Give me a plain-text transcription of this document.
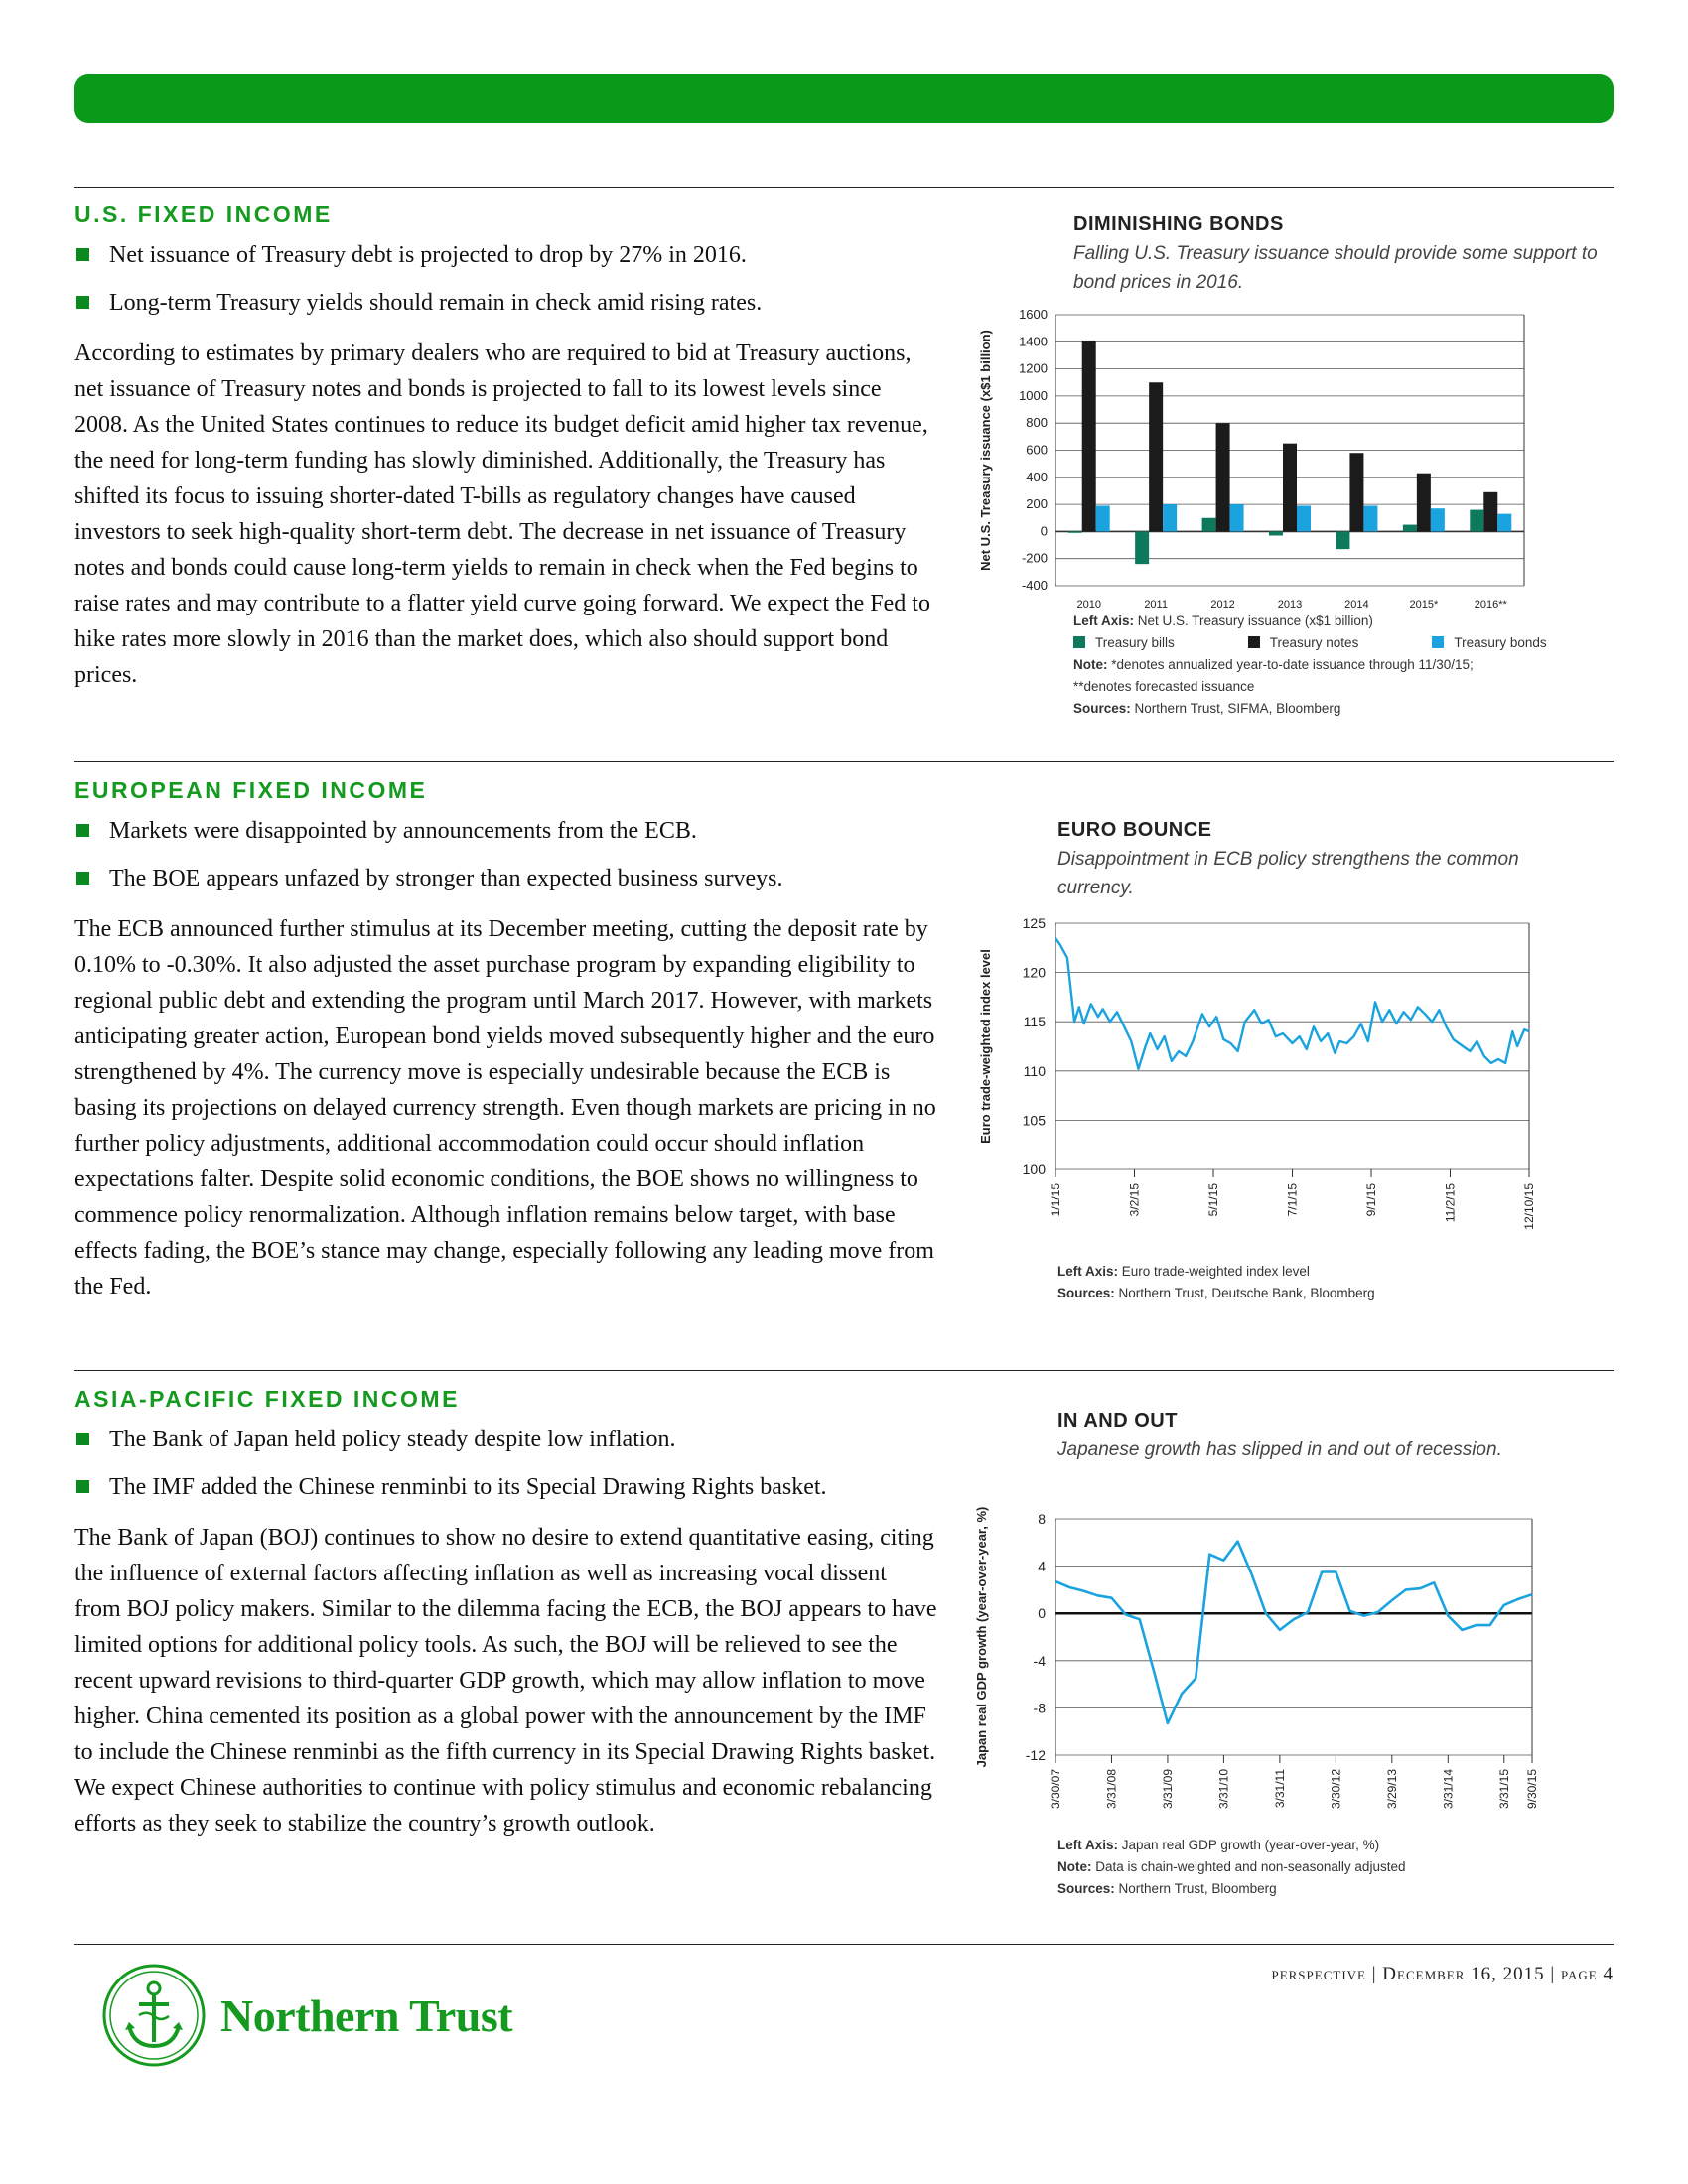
U.S. FIXED INCOME
Net issuance of Treasury debt is projected to drop by 27% in 2016.
Long-term Treasury yields should remain in check amid rising rates.

According to estimates by primary dealers who are required to bid at Treasury auctions, net issuance of Treasury notes and bonds is projected to fall to its lowest levels since 2008. As the United States continues to reduce its budget deficit amid higher tax revenue, the need for long-term funding has slowly diminished. Additionally, the Treasury has shifted its focus to issuing shorter-dated T-bills as regulatory changes have caused investors to seek high-quality short-term debt. The decrease in net issuance of Treasury notes and bonds could cause long-term yields to remain in check when the Fed begins to raise rates and may contribute to a flatter yield curve going forward. We expect the Fed to hike rates more slowly in 2016 than the market does, which also should support bond prices.

EUROPEAN FIXED INCOME
Markets were disappointed by announcements from the ECB.
The BOE appears unfazed by stronger than expected business surveys.

The ECB announced further stimulus at its December meeting, cutting the deposit rate by 0.10% to -0.30%. It also adjusted the asset purchase program by expanding eligibility to regional public debt and extending the program until March 2017. However, with markets anticipating greater action, European bond yields moved subsequently higher and the euro strengthened by 4%. The currency move is especially undesirable because the ECB is basing its projections on delayed currency strength. Even though markets are pricing in no further policy adjustments, additional accommodation could occur should inflation expectations falter. Despite solid economic conditions, the BOE shows no willingness to commence policy renormalization. Although inflation remains below target, with base effects fading, the BOE’s stance may change, especially following any leading move from the Fed.

ASIA-PACIFIC FIXED INCOME
The Bank of Japan held policy steady despite low inflation.
The IMF added the Chinese renminbi to its Special Drawing Rights basket.

The Bank of Japan (BOJ) continues to show no desire to extend quantitative easing, citing the influence of external factors affecting inflation as well as increasing vocal dissent from BOJ policy makers. Similar to the dilemma facing the ECB, the BOJ appears to have limited options for additional policy tools. As such, the BOJ will be relieved to see the recent upward revisions to third-quarter GDP growth, which may allow inflation to move higher. China cemented its position as a global power with the announcement by the IMF to include the Chinese renminbi as the fifth currency in its Special Drawing Rights basket. We expect Chinese authorities to continue with policy stimulus and economic rebalancing efforts as they seek to stabilize the country’s growth outlook.

DIMINISHING BONDS

Falling U.S. Treasury issuance should provide some support to bond prices in 2016.

1600
1400
1200
1000
800
600
400
200
0
-200
-400
2010	2011	2012	2013	2014	2015*	2016**
Net U.S. Treasury issuance (x$1 billion)
Left Axis: Net U.S. Treasury issuance (x$1 billion)
Treasury bills	Treasury notes	Treasury bonds
Note: *denotes annualized year-to-date issuance through 11/30/15;
**denotes forecasted issuance
Sources: Northern Trust, SIFMA, Bloomberg
EURO BOUNCE

Disappointment in ECB policy strengthens the common currency.

125
120
115
110
105
100
1/1/15	3/2/15	5/1/15	7/1/15	9/1/15	11/2/15	12/10/15
Euro trade-weighted index level
Left Axis: Euro trade-weighted index level
Sources: Northern Trust, Deutsche Bank, Bloomberg
IN AND OUT

Japanese growth has slipped in and out of recession.

8
4
0
-4
-8
-12
3/30/07	3/31/08	3/31/09	3/31/10	3/31/11	3/30/12	3/29/13	3/31/14	3/31/15 9/30/15
Japan real GDP growth (year-over-year, %)
Left Axis: Japan real GDP growth (year-over-year, %)
Note: Data is chain-weighted and non-seasonally adjusted
Sources: Northern Trust, Bloomberg
Northern Trust
perspective | December 16, 2015 | page 4
